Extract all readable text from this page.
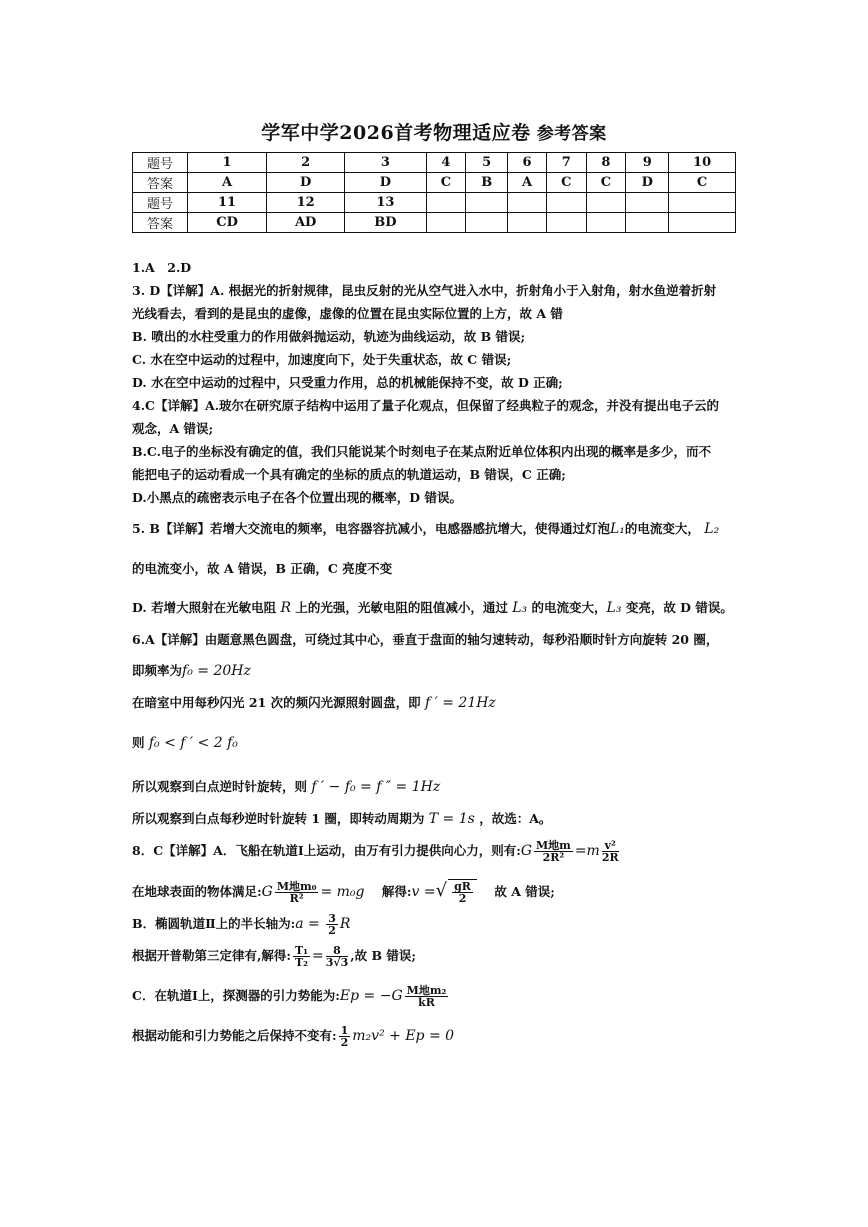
学军中学2026首考物理适应卷 参考答案
题号	1	2	3	4	5	6	7	8	9	10
答案	A	D	D	C	B	A	C	C	D	C
题号	11	12	13							
答案	CD	AD	BD							

1.A　2.D

3. D【详解】A. 根据光的折射规律，昆虫反射的光从空气进入水中，折射角小于入射角，射水鱼逆着折射

光线看去，看到的是昆虫的虚像，虚像的位置在昆虫实际位置的上方，故 A 错

B. 喷出的水柱受重力的作用做斜抛运动，轨迹为曲线运动，故 B 错误;

C. 水在空中运动的过程中，加速度向下，处于失重状态，故 C 错误;

D. 水在空中运动的过程中，只受重力作用，总的机械能保持不变，故 D 正确;

4.C【详解】A.玻尔在研究原子结构中运用了量子化观点，但保留了经典粒子的观念，并没有提出电子云的

观念，A 错误;

B.C.电子的坐标没有确定的值，我们只能说某个时刻电子在某点附近单位体积内出现的概率是多少，而不

能把电子的运动看成一个具有确定的坐标的质点的轨道运动，B 错误，C 正确;

D.小黑点的疏密表示电子在各个位置出现的概率，D 错误。

5. B【详解】若增大交流电的频率，电容器容抗减小，电感器感抗增大，使得通过灯泡L₁的电流变大， L₂

的电流变小，故 A 错误，B 正确，C 亮度不变

D. 若增大照射在光敏电阻 R 上的光强，光敏电阻的阻值减小，通过 L₃ 的电流变大，L₃ 变亮，故 D 错误。

6.A【详解】由题意黑色圆盘，可绕过其中心，垂直于盘面的轴匀速转动，每秒沿顺时针方向旋转 20 圈，

即频率为f₀ = 20Hz

在暗室中用每秒闪光 21 次的频闪光源照射圆盘，即 f ′ = 21Hz

则 f₀ < f ′ < 2 f₀

所以观察到白点逆时针旋转，则 f ′ − f₀ = f ″ = 1Hz

所以观察到白点每秒逆时针旋转 1 圈，即转动周期为 T = 1s ，故选：A。

8．C【详解】A．飞船在轨道Ⅰ上运动，由万有引力提供向心力，则有:G $\frac{\text{M地m}}{\text{2R²}} =m \frac{\text{v²}}{2R}$

在地球表面的物体满足:G $\frac{\text{M地m₀}}{\text{R²}} = m_0g$ 解得:v =√ $\frac{gR}{2}$ 故 A 错误;

B．椭圆轨道Ⅱ上的半长轴为:a = $\frac{3}{2}$ R

根据开普勒第三定律有,解得: $\frac{\text{T₁}}{\text{T₂}} = \frac{8}{3√3}$ ,故 B 错误;

C．在轨道Ⅰ上，探测器的引力势能为:Ep = $-G \frac{\text{M地m₂}}{kR}$

根据动能和引力势能之后保持不变有: $\frac{1}{2} m_2v^2 + Ep = 0$
